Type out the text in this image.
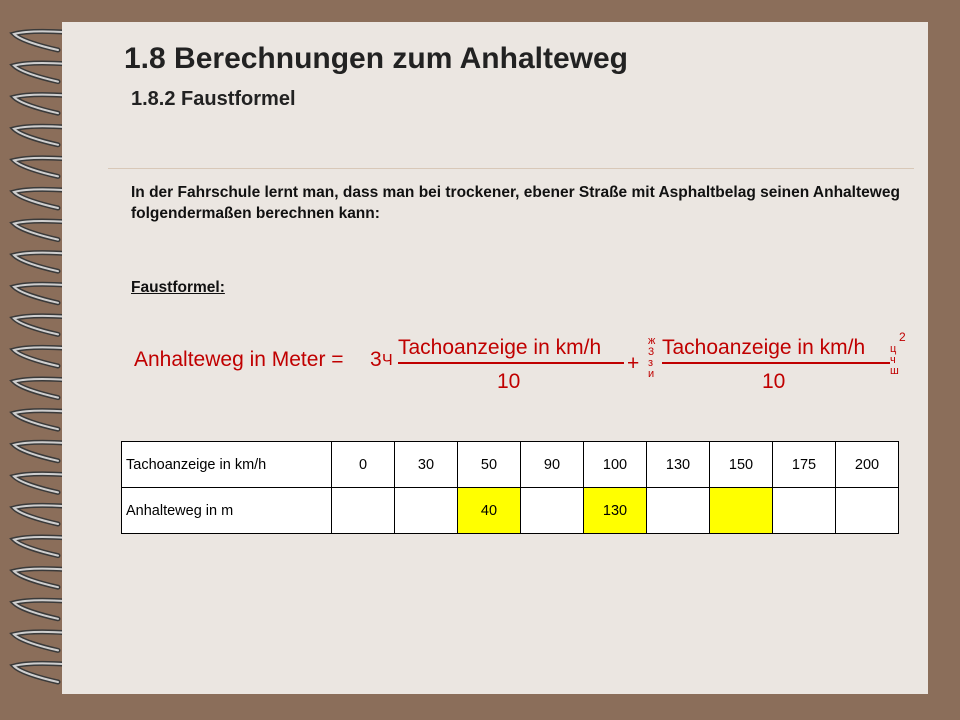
1.8 Berechnungen zum Anhalteweg
1.8.2 Faustformel

In der Fahrschule lernt man, dass man bei trockener, ebener Straße mit Asphaltbelag seinen Anhalteweg folgendermaßen berechnen kann:

Faustformel:

Anhalteweg in Meter = 3 Ч
Tachoanzeige in km/h
10
+
ж
3
з
и
Tachoanzeige in km/h
10
ц
ч
ш
2
Tachoanzeige in km/h	0	30	50	90	100	130	150	175	200
Anhalteweg in m			40		130				
